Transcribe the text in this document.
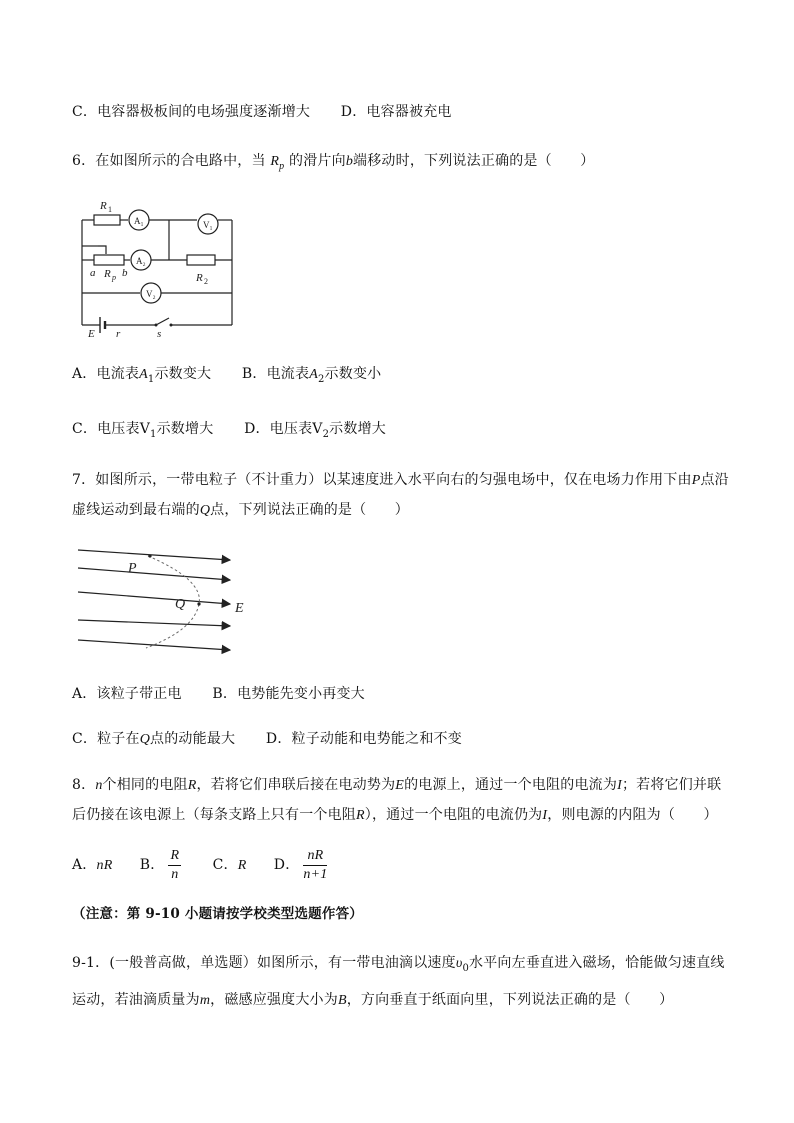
C．电容器极板间的电场强度逐渐增大 D．电容器被充电
6．在如图所示的合电路中，当 $R_p$ 的滑片向b端移动时，下列说法正确的是（　　）
R 1
A₁	V₁
A₂
V₂
a R p b	R 2
E r	s
A．电流表$A_1$示数变大 B．电流表$A_2$示数变小
C．电压表$V_1$示数增大 D．电压表$V_2$示数增大
7．如图所示，一带电粒子（不计重力）以某速度进入水平向右的匀强电场中，仅在电场力作用下由P点沿
虚线运动到最右端的Q点，下列说法正确的是（　　）
P
Q	E
A．该粒子带正电 B．电势能先变小再变大
C．粒子在Q点的动能最大 D．粒子动能和电势能之和不变
8．n个相同的电阻R，若将它们串联后接在电动势为E的电源上，通过一个电阻的电流为I；若将它们并联
后仍接在该电源上（每条支路上只有一个电阻R），通过一个电阻的电流仍为I，则电源的内阻为（　　）
A．nR B． $\frac{R}{n}$ C．R D． $\frac{nR}{n+1}$
（注意：第 9-10 小题请按学校类型选题作答）
9-1．(一般普高做，单选题）如图所示，有一带电油滴以速度$\upsilon_0$水平向左垂直进入磁场，恰能做匀速直线
运动，若油滴质量为m，磁感应强度大小为B，方向垂直于纸面向里，下列说法正确的是（　　）
